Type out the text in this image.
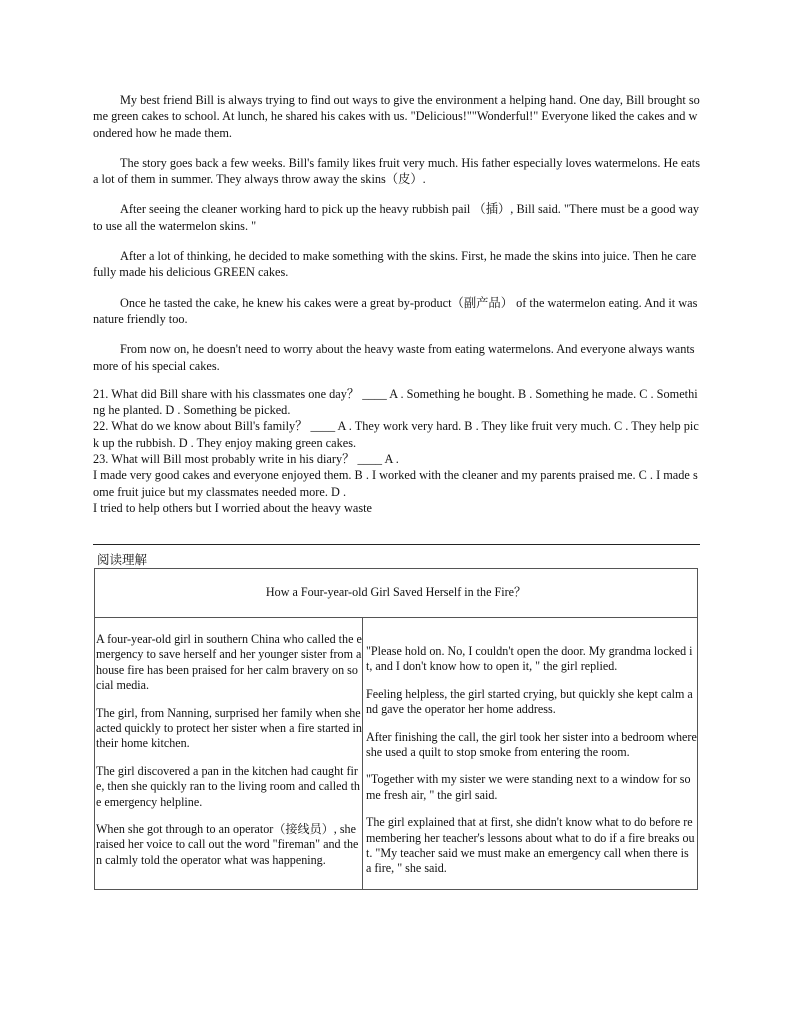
My best friend Bill is always trying to find out ways to give the environment a helping hand. One day, Bill brought some green cakes to school. At lunch, he shared his cakes with us. "Delicious!""Wonderful!" Everyone liked the cakes and wondered how he made them.

The story goes back a few weeks. Bill's family likes fruit very much. His father especially loves watermelons. He eats a lot of them in summer. They always throw away the skins（皮）.

After seeing the cleaner working hard to pick up the heavy rubbish pail （插）, Bill said. "There must be a good way to use all the watermelon skins. "

After a lot of thinking, he decided to make something with the skins. First, he made the skins into juice. Then he carefully made his delicious GREEN cakes.

Once he tasted the cake, he knew his cakes were a great by-product（副产品） of the watermelon eating. And it was nature friendly too.

From now on, he doesn't need to worry about the heavy waste from eating watermelons. And everyone always wants more of his special cakes.

21. What did Bill share with his classmates one day？ ____ A . Something he bought. B . Something he made. C . Something he planted. D . Something be picked.

22. What do we know about Bill's family？ ____ A . They work very hard. B . They like fruit very much. C . They help pick up the rubbish. D . They enjoy making green cakes.

23. What will Bill most probably write in his diary？ ____ A .

I made very good cakes and everyone enjoyed them. B . I worked with the cleaner and my parents praised me. C . I made some fruit juice but my classmates needed more. D .

I tried to help others but I worried about the heavy waste

阅读理解
How a Four-year-old Girl Saved Herself in the Fire？

A four-year-old girl in southern China who called the emergency to save herself and her younger sister from a house fire has been praised for her calm bravery on social media.

The girl, from Nanning, surprised her family when she acted quickly to protect her sister when a fire started in their home kitchen.

The girl discovered a pan in the kitchen had caught fire, then she quickly ran to the living room and called the emergency helpline.

When she got through to an operator（接线员）, she raised her voice to call out the word "fireman" and then calmly told the operator what was happening.

"Please hold on. No, I couldn't open the door. My grandma locked it, and I don't know how to open it, " the girl replied.

Feeling helpless, the girl started crying, but quickly she kept calm and gave the operator her home address.

After finishing the call, the girl took her sister into a bedroom where she used a quilt to stop smoke from entering the room.

"Together with my sister we were standing next to a window for some fresh air, " the girl said.

The girl explained that at first, she didn't know what to do before remembering her teacher's lessons about what to do if a fire breaks out. "My teacher said we must make an emergency call when there is a fire, " she said.
